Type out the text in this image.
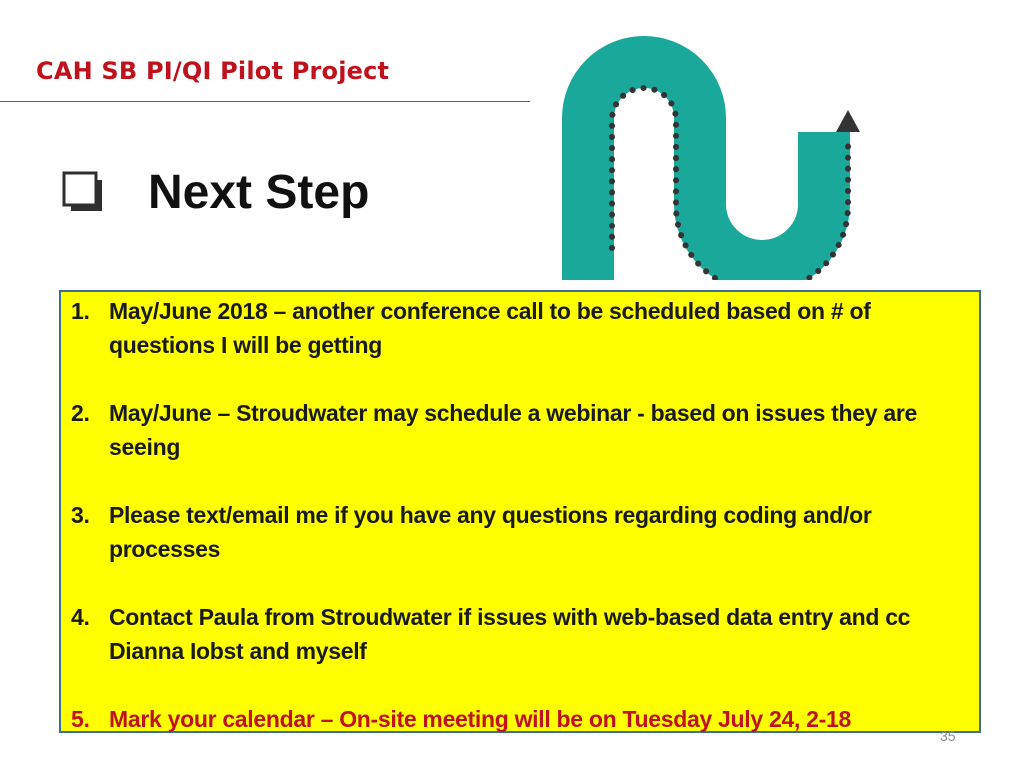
CAH SB PI/QI Pilot Project
Next Step
1. May/June 2018 – another conference call to be scheduled based on # of questions I will be getting
2. May/June – Stroudwater may schedule a webinar - based on issues they are seeing
3. Please text/email me if you have any questions regarding coding and/or processes
4. Contact Paula from Stroudwater if issues with web-based data entry and cc Dianna Iobst and myself
5. Mark your calendar – On-site meeting will be on Tuesday July 24, 2-18
35
